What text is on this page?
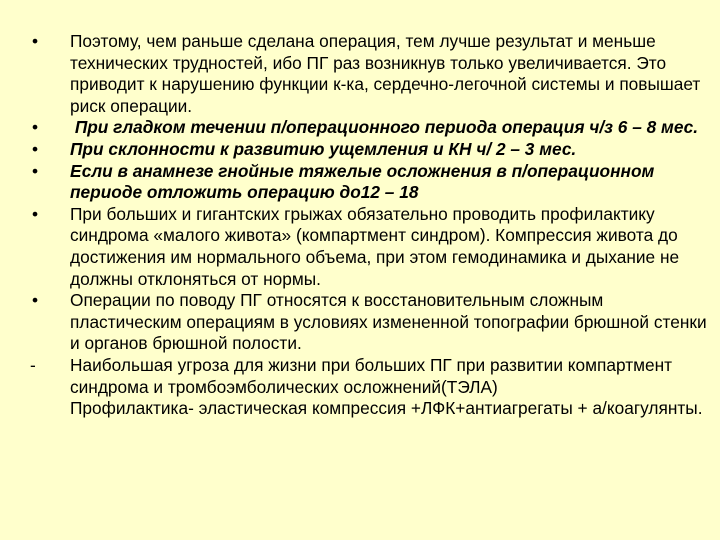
•	Поэтому, чем раньше сделана операция, тем лучше результат и меньше технических трудностей, ибо ПГ раз возникнув только увеличивается. Это приводит к нарушению функции к-ка, сердечно-легочной системы и повышает риск операции.
•	При гладком течении п/операционного периода операция ч/з 6 – 8 мес.
•	При склонности к развитию ущемления и КН ч/ 2 – 3 мес.
•	Если в анамнезе гнойные тяжелые осложнения в п/операционном периоде отложить операцию до12 – 18
•	При больших и гигантских грыжах обязательно проводить профилактику синдрома «малого живота» (компартмент синдром). Компрессия живота до достижения им нормального объема, при этом гемодинамика и дыхание не должны отклоняться от нормы.
•	Операции по поводу ПГ относятся к восстановительным сложным пластическим операциям в условиях измененной топографии брюшной стенки и органов брюшной полости.
-	Наибольшая угроза для жизни при больших ПГ при развитии компартмент синдрома и тромбоэмболических осложнений(ТЭЛА)
Профилактика- эластическая компрессия +ЛФК+антиагрегаты + а/коагулянты.
